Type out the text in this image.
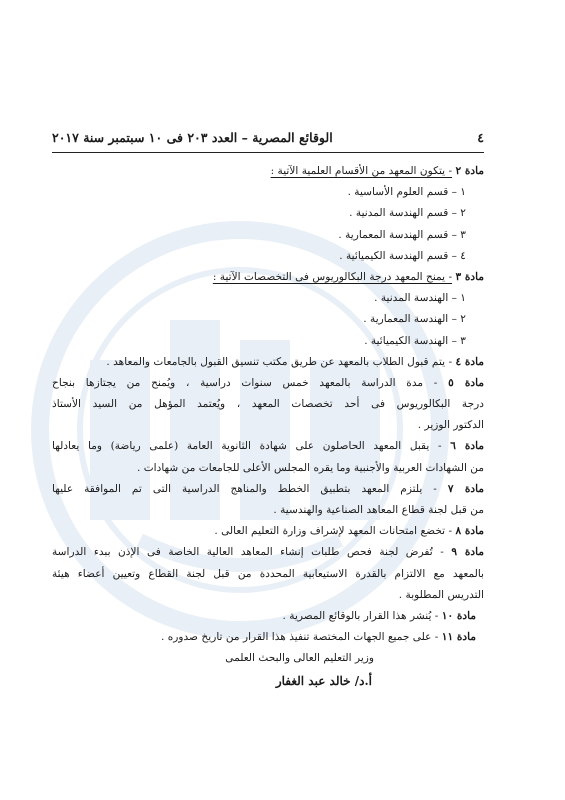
٤
الوقائع المصرية – العدد ٢٠٣ فى ١٠ سبتمبر سنة ٢٠١٧
مادة ٢ - يتكون المعهد من الأقسام العلمية الآتية :
١ – قسم العلوم الأساسية .
٢ – قسم الهندسة المدنية .
٣ – قسم الهندسة المعمارية .
٤ – قسم الهندسة الكيميائية .
مادة ٣ - يمنح المعهد درجة البكالوريوس فى التخصصات الآتية :
١ – الهندسة المدنية .
٢ – الهندسة المعمارية .
٣ – الهندسة الكيميائية .
مادة ٤ - يتم قبول الطلاب بالمعهد عن طريق مكتب تنسيق القبول بالجامعات والمعاهد .
مادة ٥ - مدة الدراسة بالمعهد خمس سنوات دراسية ، ويُمنح من يجتازها بنجاح
درجة البكالوريوس فى أحد تخصصات المعهد ، ويُعتمد المؤهل من السيد الأستاذ
الدكتور الوزير .
مادة ٦ - يقبل المعهد الحاصلون على شهادة الثانوية العامة (علمى رياضة) وما يعادلها
من الشهادات العربية والأجنبية وما يقره المجلس الأعلى للجامعات من شهادات .
مادة ٧ - يلتزم المعهد بتطبيق الخطط والمناهج الدراسية التى تم الموافقة عليها
من قبل لجنة قطاع المعاهد الصناعية والهندسية .
مادة ٨ - تخضع امتحانات المعهد لإشراف وزارة التعليم العالى .
مادة ٩ - تُفرض لجنة فحص طلبات إنشاء المعاهد العالية الخاصة فى الإذن ببدء الدراسة
بالمعهد مع الالتزام بالقدرة الاستيعابية المحددة من قبل لجنة القطاع وتعيين أعضاء هيئة
التدريس المطلوبة .
مادة ١٠ - يُنشر هذا القرار بالوقائع المصرية .
مادة ١١ - على جميع الجهات المختصة تنفيذ هذا القرار من تاريخ صدوره .
وزير التعليم العالى والبحث العلمى
أ.د/ خالد عبد الغفار
